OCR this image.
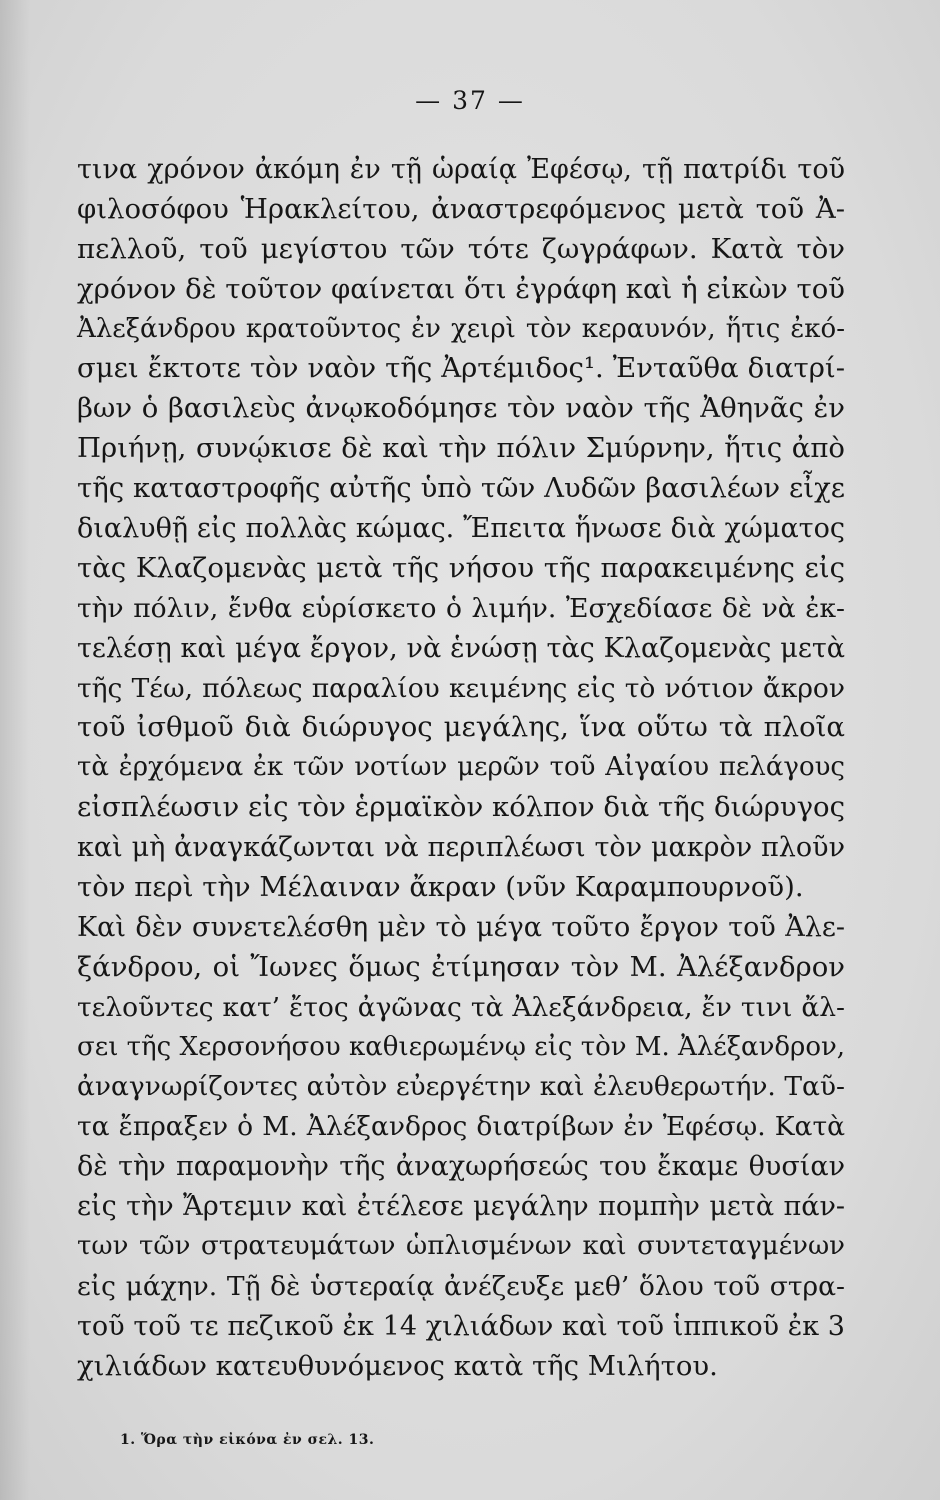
— 37 —
τινα χρόνον ἀκόμη ἐν τῇ ὡραίᾳ Ἐφέσῳ, τῇ πατρίδι τοῦ
φιλοσόφου Ἡρακλείτου, ἀναστρεφόμενος μετὰ τοῦ Ἀ-
πελλοῦ, τοῦ μεγίστου τῶν τότε ζωγράφων. Κατὰ τὸν
χρόνον δὲ τοῦτον φαίνεται ὅτι ἐγράφη καὶ ἡ εἰκὼν τοῦ
Ἀλεξάνδρου κρατοῦντος ἐν χειρὶ τὸν κεραυνόν, ἥτις ἐκό-
σμει ἔκτοτε τὸν ναὸν τῆς Ἀρτέμιδος¹. Ἐνταῦθα διατρί-
βων ὁ βασιλεὺς ἀνῳκοδόμησε τὸν ναὸν τῆς Ἀθηνᾶς ἐν
Πριήνῃ, συνῴκισε δὲ καὶ τὴν πόλιν Σμύρνην, ἥτις ἀπὸ
τῆς καταστροφῆς αὐτῆς ὑπὸ τῶν Λυδῶν βασιλέων εἶχε
διαλυθῇ εἰς πολλὰς κώμας. Ἔπειτα ἥνωσε διὰ χώματος
τὰς Κλαζομενὰς μετὰ τῆς νήσου τῆς παρακειμένης εἰς
τὴν πόλιν, ἔνθα εὑρίσκετο ὁ λιμήν. Ἐσχεδίασε δὲ νὰ ἐκ-
τελέσῃ καὶ μέγα ἔργον, νὰ ἑνώσῃ τὰς Κλαζομενὰς μετὰ
τῆς Τέω, πόλεως παραλίου κειμένης εἰς τὸ νότιον ἄκρον
τοῦ ἰσθμοῦ διὰ διώρυγος μεγάλης, ἵνα οὕτω τὰ πλοῖα
τὰ ἐρχόμενα ἐκ τῶν νοτίων μερῶν τοῦ Αἰγαίου πελάγους
εἰσπλέωσιν εἰς τὸν ἑρμαϊκὸν κόλπον διὰ τῆς διώρυγος
καὶ μὴ ἀναγκάζωνται νὰ περιπλέωσι τὸν μακρὸν πλοῦν
τὸν περὶ τὴν Μέλαιναν ἄκραν (νῦν Καραμπουρνοῦ).
Καὶ δὲν συνετελέσθη μὲν τὸ μέγα τοῦτο ἔργον τοῦ Ἀλε-
ξάνδρου, οἱ Ἴωνες ὅμως ἐτίμησαν τὸν Μ. Ἀλέξανδρον
τελοῦντες κατ’ ἔτος ἀγῶνας τὰ Ἀλεξάνδρεια, ἔν τινι ἄλ-
σει τῆς Χερσονήσου καθιερωμένῳ εἰς τὸν Μ. Ἀλέξανδρον,
ἀναγνωρίζοντες αὐτὸν εὐεργέτην καὶ ἐλευθερωτήν. Ταῦ-
τα ἔπραξεν ὁ Μ. Ἀλέξανδρος διατρίβων ἐν Ἐφέσῳ. Κατὰ
δὲ τὴν παραμονὴν τῆς ἀναχωρήσεώς του ἔκαμε θυσίαν
εἰς τὴν Ἄρτεμιν καὶ ἐτέλεσε μεγάλην πομπὴν μετὰ πάν-
των τῶν στρατευμάτων ὡπλισμένων καὶ συντεταγμένων
εἰς μάχην. Τῇ δὲ ὑστεραίᾳ ἀνέζευξε μεθ’ ὅλου τοῦ στρα-
τοῦ τοῦ τε πεζικοῦ ἐκ 14 χιλιάδων καὶ τοῦ ἱππικοῦ ἐκ 3
χιλιάδων κατευθυνόμενος κατὰ τῆς Μιλήτου.
1. Ὅρα τὴν εἰκόνα ἐν σελ. 13.
